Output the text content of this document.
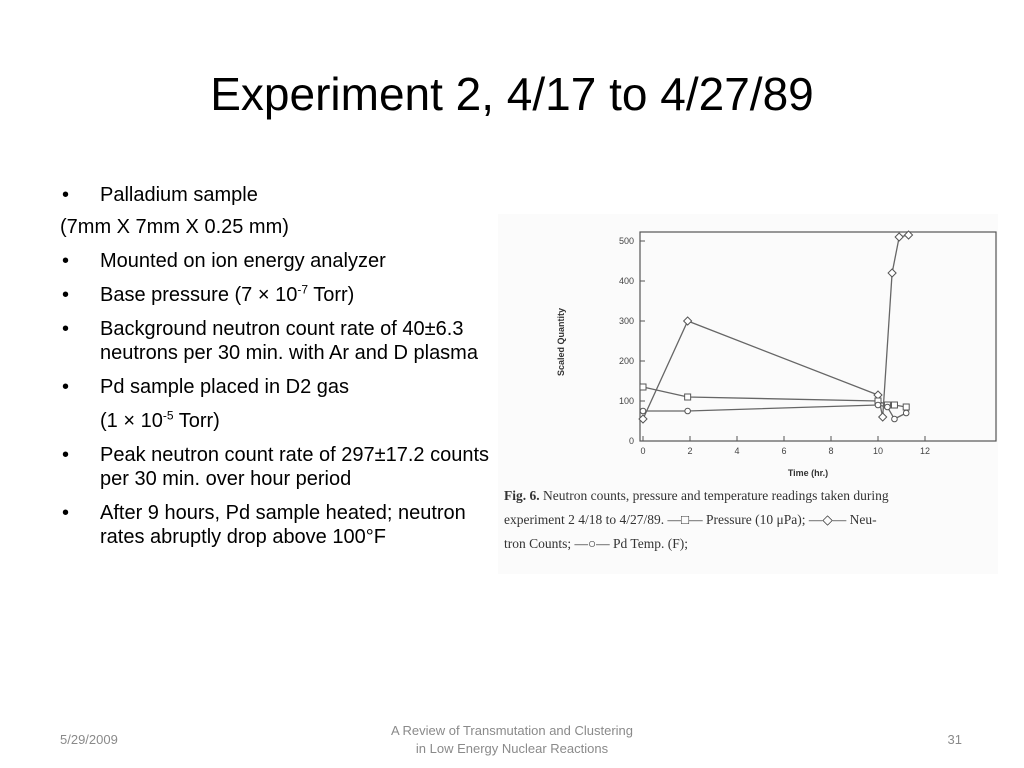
Experiment 2, 4/17 to 4/27/89
• Palladium sample
(7mm X 7mm X 0.25 mm)
• Mounted on ion energy analyzer
• Base pressure ($7 \times 10^{-7}$ Torr)
• Background neutron count rate of 40±6.3 neutrons per 30 min. with Ar and D plasma
• Pd sample placed in D2 gas
($1 \times 10^{-5}$ Torr)
• Peak neutron count rate of 297±17.2 counts per 30 min. over hour period
• After 9 hours, Pd sample heated; neutron rates abruptly drop above 100°F
0
100
200
300
400
500
0	2	4	6	8	10	12
Time (hr.)
Scaled Quantity
Fig. 6. Neutron counts, pressure and temperature readings taken during
experiment 2 4/18 to 4/27/89. —□— Pressure (10 μPa); —◇— Neu-
tron Counts; —○— Pd Temp. (F);
5/29/2009
A Review of Transmutation and Clustering
in Low Energy Nuclear Reactions
31
